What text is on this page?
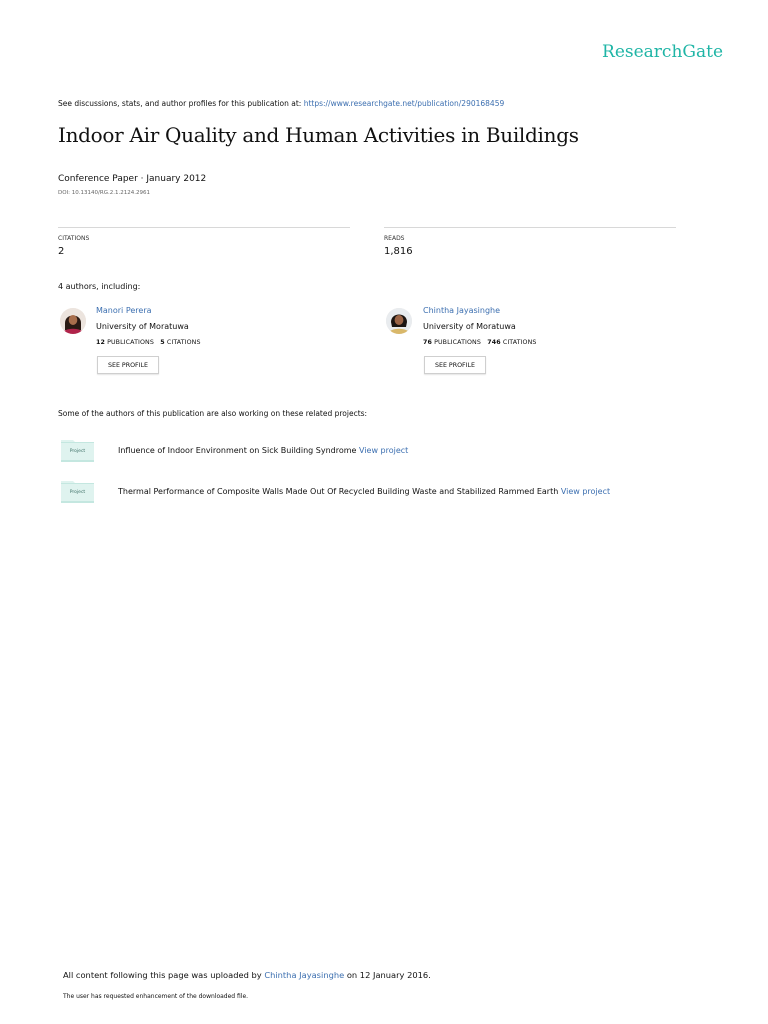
ResearchGate
See discussions, stats, and author profiles for this publication at: https://www.researchgate.net/publication/290168459
Indoor Air Quality and Human Activities in Buildings
Conference Paper · January 2012
DOI: 10.13140/RG.2.1.2124.2961
CITATIONS
2
READS
1,816
4 authors, including:
Manori Perera
University of Moratuwa
12 PUBLICATIONS 5 CITATIONS
SEE PROFILE
Chintha Jayasinghe
University of Moratuwa
76 PUBLICATIONS 746 CITATIONS
SEE PROFILE
Some of the authors of this publication are also working on these related projects:
Project	Influence of Indoor Environment on Sick Building Syndrome View project
Project	Thermal Performance of Composite Walls Made Out Of Recycled Building Waste and Stabilized Rammed Earth View project
All content following this page was uploaded by Chintha Jayasinghe on 12 January 2016.
The user has requested enhancement of the downloaded file.
